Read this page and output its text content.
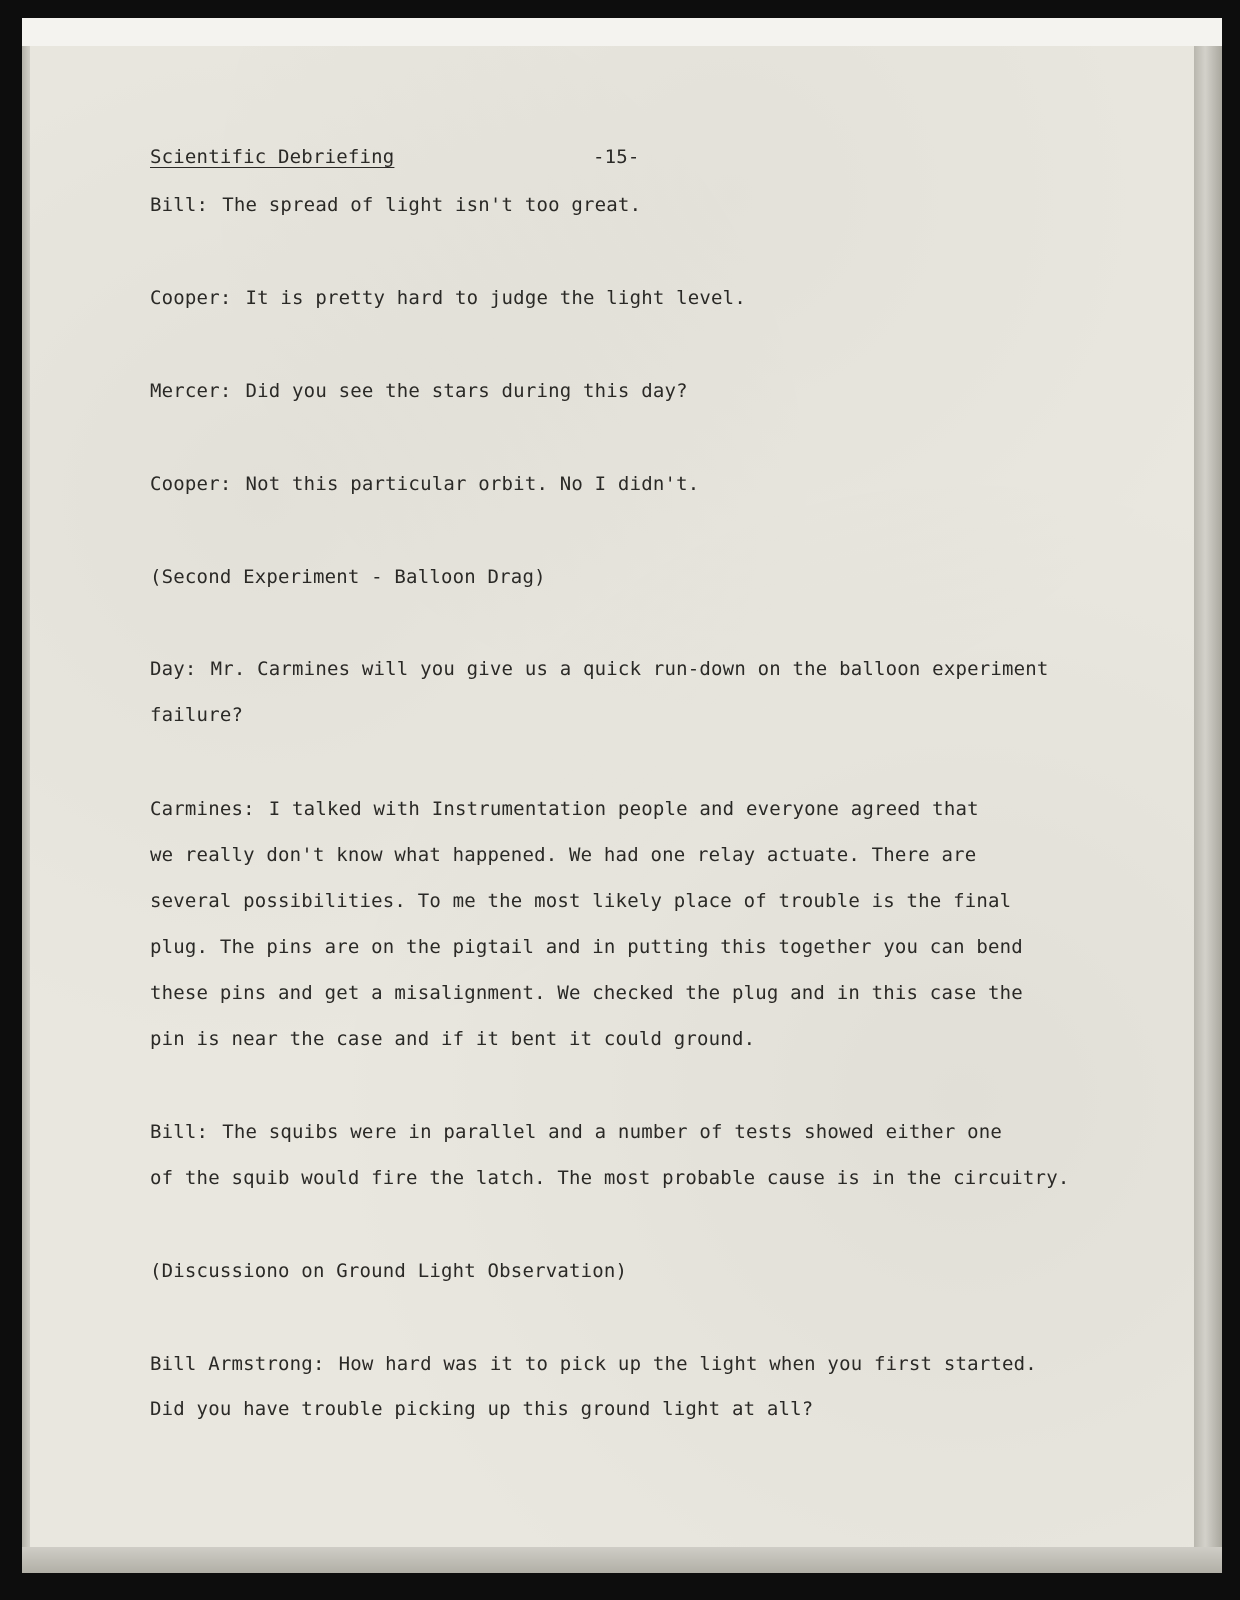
Scientific Debriefing	-15-
Bill: The spread of light isn't too great.
Cooper: It is pretty hard to judge the light level.
Mercer: Did you see the stars during this day?
Cooper: Not this particular orbit. No I didn't.
(Second Experiment - Balloon Drag)
Day: Mr. Carmines will you give us a quick run-down on the balloon experiment
failure?
Carmines: I talked with Instrumentation people and everyone agreed that
we really don't know what happened. We had one relay actuate. There are
several possibilities. To me the most likely place of trouble is the final
plug. The pins are on the pigtail and in putting this together you can bend
these pins and get a misalignment. We checked the plug and in this case the
pin is near the case and if it bent it could ground.
Bill: The squibs were in parallel and a number of tests showed either one
of the squib would fire the latch. The most probable cause is in the circuitry.
(Discussiono on Ground Light Observation)
Bill Armstrong: How hard was it to pick up the light when you first started.
Did you have trouble picking up this ground light at all?
